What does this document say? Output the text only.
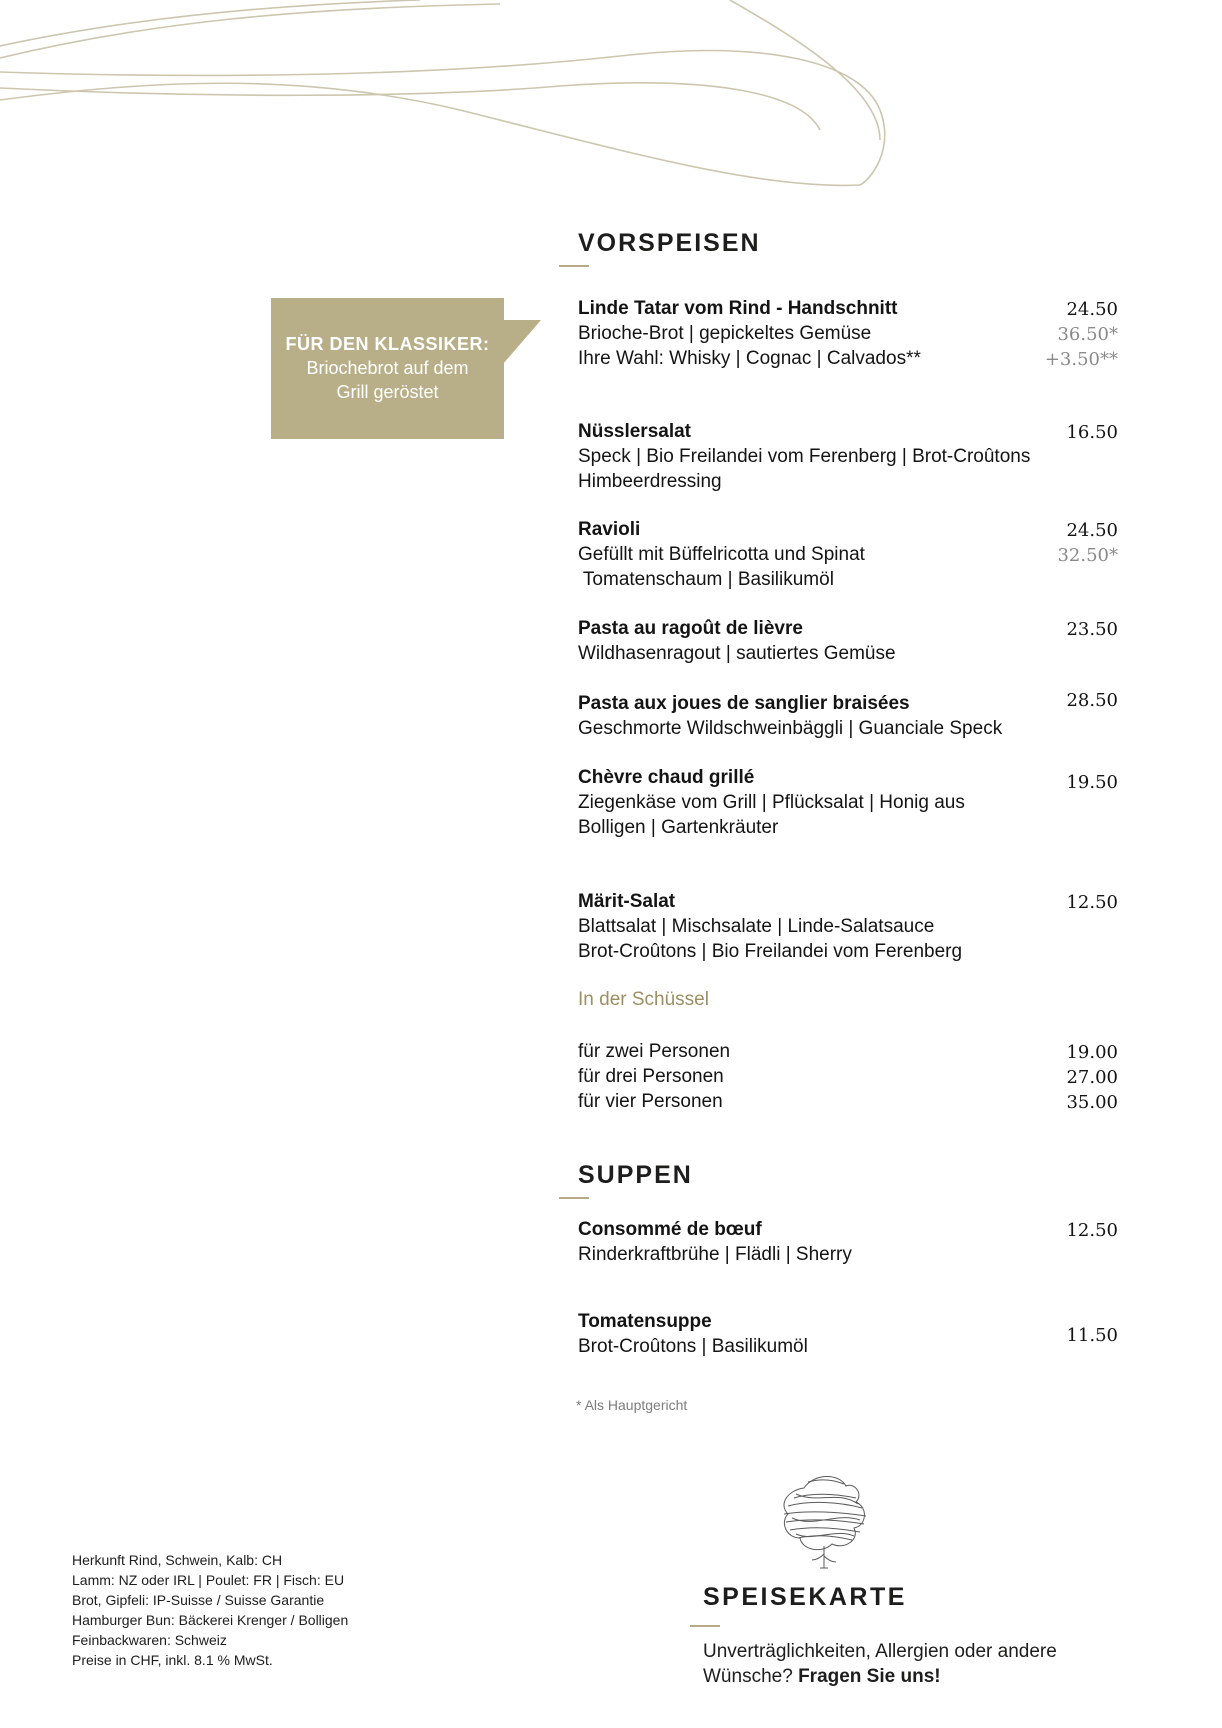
FÜR DEN KLASSIKER:
Briochebrot auf dem
Grill geröstet
VORSPEISEN
Linde Tatar vom Rind - Handschnitt
Brioche-Brot | gepickeltes Gemüse
Ihre Wahl: Whisky | Cognac | Calvados**
24.50
36.50*
+3.50**
Nüsslersalat
Speck | Bio Freilandei vom Ferenberg | Brot-Croûtons
Himbeerdressing
16.50
Ravioli
Gefüllt mit Büffelricotta und Spinat
Tomatenschaum | Basilikumöl
24.50
32.50*
Pasta au ragoût de lièvre
Wildhasenragout | sautiertes Gemüse
23.50
Pasta aux joues de sanglier braisées
Geschmorte Wildschweinbäggli | Guanciale Speck
28.50
Chèvre chaud grillé
Ziegenkäse vom Grill | Pflücksalat | Honig aus
Bolligen | Gartenkräuter
19.50
Märit-Salat
Blattsalat | Mischsalate | Linde-Salatsauce
Brot-Croûtons | Bio Freilandei vom Ferenberg
12.50
In der Schüssel
für zwei Personen
für drei Personen
für vier Personen
19.00
27.00
35.00
SUPPEN
Consommé de bœuf
Rinderkraftbrühe | Flädli | Sherry
12.50
Tomatensuppe
Brot-Croûtons | Basilikumöl
11.50
* Als Hauptgericht
Herkunft Rind, Schwein, Kalb: CH
Lamm: NZ oder IRL | Poulet: FR | Fisch: EU
Brot, Gipfeli: IP-Suisse / Suisse Garantie
Hamburger Bun: Bäckerei Krenger / Bolligen
Feinbackwaren: Schweiz
Preise in CHF, inkl. 8.1 % MwSt.
SPEISEKARTE
Unverträglichkeiten, Allergien oder andere
Wünsche? Fragen Sie uns!
